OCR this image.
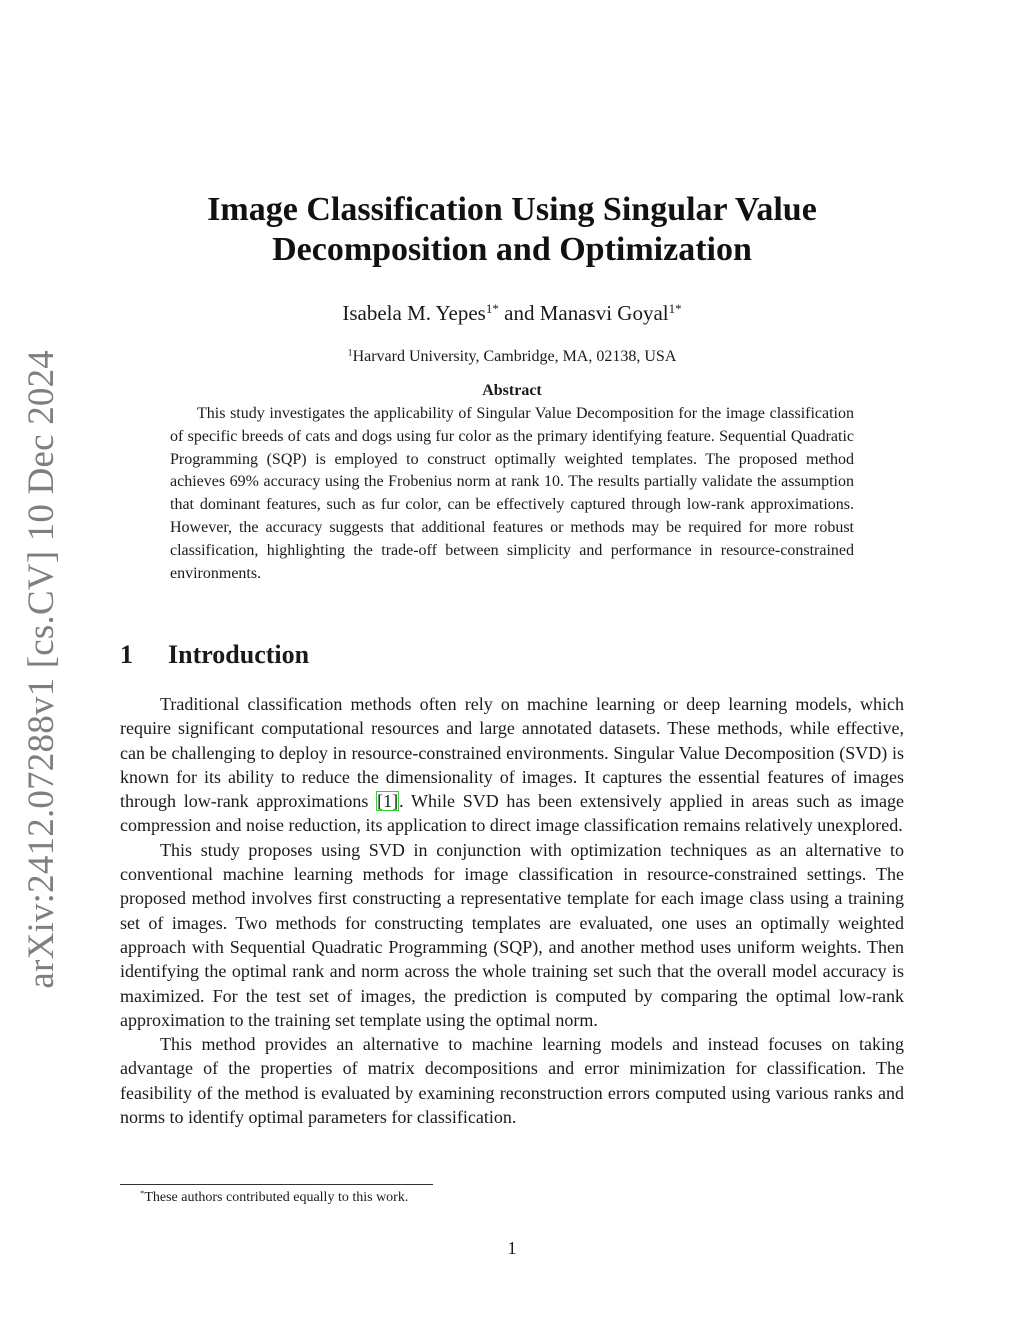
arXiv:2412.07288v1 [cs.CV] 10 Dec 2024
Image Classification Using Singular Value
Decomposition and Optimization
Isabela M. Yepes$^{1*}$ and Manasvi Goyal$^{1*}$
$^1$Harvard University, Cambridge, MA, 02138, USA
Abstract

This study investigates the applicability of Singular Value Decomposition for the image classification of specific breeds of cats and dogs using fur color as the primary identifying feature. Sequential Quadratic Programming (SQP) is employed to construct optimally weighted templates. The proposed method achieves 69% accuracy using the Frobenius norm at rank 10. The results partially validate the assumption that dominant features, such as fur color, can be effectively captured through low-rank approximations. However, the accuracy suggests that additional features or methods may be required for more robust classification, highlighting the trade-off between simplicity and performance in resource-constrained environments.

1 Introduction

Traditional classification methods often rely on machine learning or deep learning models, which require significant computational resources and large annotated datasets. These methods, while effective, can be challenging to deploy in resource-constrained environments. Singular Value Decomposition (SVD) is known for its ability to reduce the dimensionality of images. It captures the essential features of images through low-rank approximations [1]. While SVD has been extensively applied in areas such as image compression and noise reduction, its application to direct image classification remains relatively unexplored.

This study proposes using SVD in conjunction with optimization techniques as an alternative to conventional machine learning methods for image classification in resource-constrained settings. The proposed method involves first constructing a representative template for each image class using a training set of images. Two methods for constructing templates are evaluated, one uses an optimally weighted approach with Sequential Quadratic Programming (SQP), and another method uses uniform weights. Then identifying the optimal rank and norm across the whole training set such that the overall model accuracy is maximized. For the test set of images, the prediction is computed by comparing the optimal low-rank approximation to the training set template using the optimal norm.

This method provides an alternative to machine learning models and instead focuses on taking advantage of the properties of matrix decompositions and error minimization for classification. The feasibility of the method is evaluated by examining reconstruction errors computed using various ranks and norms to identify optimal parameters for classification.

*These authors contributed equally to this work.
1
